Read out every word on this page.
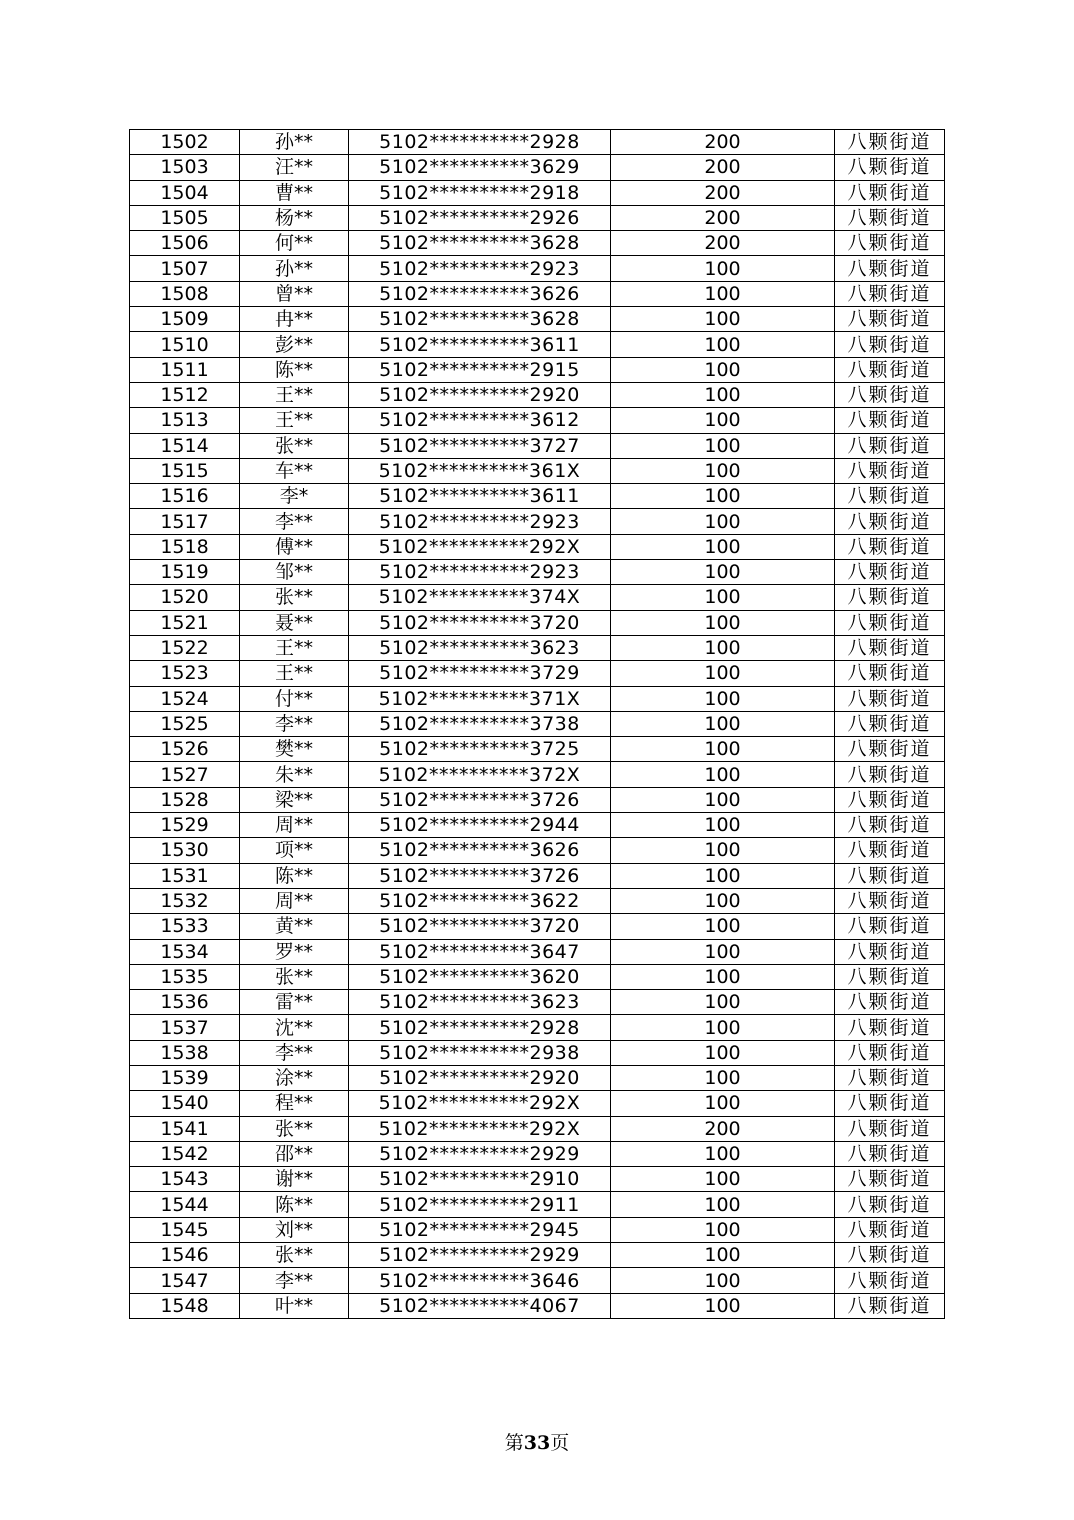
1502	孙**	5102**********2928	200	八颗街道
1503	汪**	5102**********3629	200	八颗街道
1504	曹**	5102**********2918	200	八颗街道
1505	杨**	5102**********2926	200	八颗街道
1506	何**	5102**********3628	200	八颗街道
1507	孙**	5102**********2923	100	八颗街道
1508	曾**	5102**********3626	100	八颗街道
1509	冉**	5102**********3628	100	八颗街道
1510	彭**	5102**********3611	100	八颗街道
1511	陈**	5102**********2915	100	八颗街道
1512	王**	5102**********2920	100	八颗街道
1513	王**	5102**********3612	100	八颗街道
1514	张**	5102**********3727	100	八颗街道
1515	车**	5102**********361X	100	八颗街道
1516	李*	5102**********3611	100	八颗街道
1517	李**	5102**********2923	100	八颗街道
1518	傅**	5102**********292X	100	八颗街道
1519	邹**	5102**********2923	100	八颗街道
1520	张**	5102**********374X	100	八颗街道
1521	聂**	5102**********3720	100	八颗街道
1522	王**	5102**********3623	100	八颗街道
1523	王**	5102**********3729	100	八颗街道
1524	付**	5102**********371X	100	八颗街道
1525	李**	5102**********3738	100	八颗街道
1526	樊**	5102**********3725	100	八颗街道
1527	朱**	5102**********372X	100	八颗街道
1528	梁**	5102**********3726	100	八颗街道
1529	周**	5102**********2944	100	八颗街道
1530	项**	5102**********3626	100	八颗街道
1531	陈**	5102**********3726	100	八颗街道
1532	周**	5102**********3622	100	八颗街道
1533	黄**	5102**********3720	100	八颗街道
1534	罗**	5102**********3647	100	八颗街道
1535	张**	5102**********3620	100	八颗街道
1536	雷**	5102**********3623	100	八颗街道
1537	沈**	5102**********2928	100	八颗街道
1538	李**	5102**********2938	100	八颗街道
1539	涂**	5102**********2920	100	八颗街道
1540	程**	5102**********292X	100	八颗街道
1541	张**	5102**********292X	200	八颗街道
1542	邵**	5102**********2929	100	八颗街道
1543	谢**	5102**********2910	100	八颗街道
1544	陈**	5102**********2911	100	八颗街道
1545	刘**	5102**********2945	100	八颗街道
1546	张**	5102**********2929	100	八颗街道
1547	李**	5102**********3646	100	八颗街道
1548	叶**	5102**********4067	100	八颗街道
第33页
